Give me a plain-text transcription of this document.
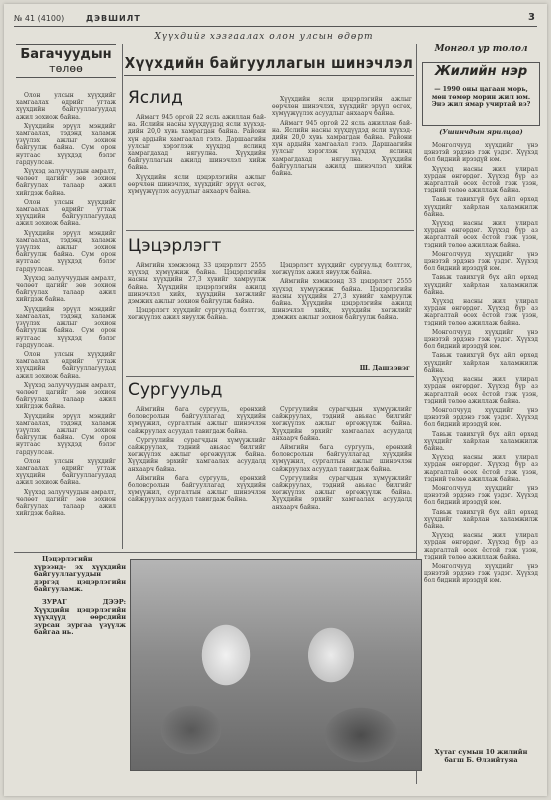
№ 41 (4100)	ДЭВШИЛТ	3
Хүүхдийг хэзгаалах олон улсын өдөрт
Хүүхдийн байгууллагын шинэчлэл
Багачуудын
төлөө

Олон улсын хүүхдийг хамгаалах өдрийг угтаж хүүхдийн байгууллагуудад ажил зохиож байна.

Хүүхдийн эрүүл мэндийг хамгаалах, тэдэнд халамж үзүүлэх ажлыг зохион байгуулж байна. Сум орон нутгаас хүүхдэд бэлэг гардуулсан.

Хүүхэд залуучуудын амралт, чөлөөт цагийг зөв зохион байгуулах талаар ажил хийгдэж байна.

Олон улсын хүүхдийг хамгаалах өдрийг угтаж хүүхдийн байгууллагуудад ажил зохиож байна.

Хүүхдийн эрүүл мэндийг хамгаалах, тэдэнд халамж үзүүлэх ажлыг зохион байгуулж байна. Сум орон нутгаас хүүхдэд бэлэг гардуулсан.

Хүүхэд залуучуудын амралт, чөлөөт цагийг зөв зохион байгуулах талаар ажил хийгдэж байна.

Хүүхдийн эрүүл мэндийг хамгаалах, тэдэнд халамж үзүүлэх ажлыг зохион байгуулж байна. Сум орон нутгаас хүүхдэд бэлэг гардуулсан.

Олон улсын хүүхдийг хамгаалах өдрийг угтаж хүүхдийн байгууллагуудад ажил зохиож байна.

Хүүхэд залуучуудын амралт, чөлөөт цагийг зөв зохион байгуулах талаар ажил хийгдэж байна.

Хүүхдийн эрүүл мэндийг хамгаалах, тэдэнд халамж үзүүлэх ажлыг зохион байгуулж байна. Сум орон нутгаас хүүхдэд бэлэг гардуулсан.

Олон улсын хүүхдийг хамгаалах өдрийг угтаж хүүхдийн байгууллагуудад ажил зохиож байна.

Хүүхэд залуучуудын амралт, чөлөөт цагийг зөв зохион байгуулах талаар ажил хийгдэж байна.

Яслид

Аймагт 945 оргой 22 ясль ажиллан бай- на. Яслийн насны хүүхдүүдэд ясли хүүхэд- дийн 20,0 хувь хамрагдан байна. Райони хүн ардыйн хамгаалал гэлэ. Даршаагийн уулсыг хэрэглэж хүүхдэд яслинд хамрагдахад нягуулна. Хүүхдийн байгууллагын ажилд шинэчлэл хийж байна.

Хүүхдийн ясли цэцэрлэгийн ажлыг өөрчлөн шинэчлэх, хүүхдийг эрүүл өсгөх, хүмүүжүүлэх асуудлыг анхаарч байна.

Хүүхдийн ясли цэцэрлэгийн ажлыг өөрчлөн шинэчлэх, хүүхдийг эрүүл өсгөх, хүмүүжүүлэх асуудлыг анхаарч байна.

Аймагт 945 оргой 22 ясль ажиллан бай- на. Яслийн насны хүүхдүүдэд ясли хүүхэд- дийн 20,0 хувь хамрагдан байна. Райони хүн ардыйн хамгаалал гэлэ. Даршаагийн уулсыг хэрэглэж хүүхдэд яслинд хамрагдахад нягуулна. Хүүхдийн байгууллагын ажилд шинэчлэл хийж байна.

Цэцэрлэгт

Аймгийн хэмжээнд 33 цэцэрлэгт 2555 хүүхэд хүмүүжиж байна. Цэцэрлэгийн насны хүүхдийн 27,3 хувийг хамруулж байна. Хүүхдийн цэцэрлэгийн ажилд шинэчлэл хийх, хүүхдийн хөгжлийг дэмжих ажлыг зохион байгуулж байна.

Цэцэрлэгт хүүхдийг сургуульд бэлтгэх, хөгжүүлэх ажил явуулж байна.

Цэцэрлэгт хүүхдийг сургуульд бэлтгэх, хөгжүүлэх ажил явуулж байна.

Аймгийн хэмжээнд 33 цэцэрлэгт 2555 хүүхэд хүмүүжиж байна. Цэцэрлэгийн насны хүүхдийн 27,3 хувийг хамруулж байна. Хүүхдийн цэцэрлэгийн ажилд шинэчлэл хийх, хүүхдийн хөгжлийг дэмжих ажлыг зохион байгуулж байна.

Ш. Дашзэвэг
Сургуульд

Аймгийн бага сургууль, ерөнхий боловсролын байгууллагад хүүхдийн хүмүүжил, сургалтын ажлыг шинэчлэн сайжруулах асуудал тавигдаж байна.

Сургуулийн сурагчдын хүмүүжлийг сайжруулах, тэдний авьяас билгийг хөгжүүлэх ажлыг өргөжүүлж байна. Хүүхдийн эрхийг хамгаалах асуудалд анхаарч байна.

Аймгийн бага сургууль, ерөнхий боловсролын байгууллагад хүүхдийн хүмүүжил, сургалтын ажлыг шинэчлэн сайжруулах асуудал тавигдаж байна.

Сургуулийн сурагчдын хүмүүжлийг сайжруулах, тэдний авьяас билгийг хөгжүүлэх ажлыг өргөжүүлж байна. Хүүхдийн эрхийг хамгаалах асуудалд анхаарч байна.

Аймгийн бага сургууль, ерөнхий боловсролын байгууллагад хүүхдийн хүмүүжил, сургалтын ажлыг шинэчлэн сайжруулах асуудал тавигдаж байна.

Сургуулийн сурагчдын хүмүүжлийг сайжруулах, тэдний авьяас билгийг хөгжүүлэх ажлыг өргөжүүлж байна. Хүүхдийн эрхийг хамгаалах асуудалд анхаарч байна.

Монгол ур толол
Жилийн нэр
— 1990 оны цагаан морь, мөн төмөр морин жил юм. Энэ жил ямар учиртай вэ?
(Ушинчдын ярилцаа)

Монголчууд хүүхдийг үнэ цэнэтэй эрдэнэ гэж үздэг. Хүүхэд бол бидний ирээдүй юм.

Хүүхэд насны жил улирал хурдан өнгөрдөг. Хүүхэд бүр аз жаргалтай өсөх ёстой гэж үзэн, тэдний төлөө ажиллаж байна.

Тавьж тавихгүй бүх айл өрхөд хүүхдийг хайрлан халамжилж байна.

Хүүхэд насны жил улирал хурдан өнгөрдөг. Хүүхэд бүр аз жаргалтай өсөх ёстой гэж үзэн, тэдний төлөө ажиллаж байна.

Монголчууд хүүхдийг үнэ цэнэтэй эрдэнэ гэж үздэг. Хүүхэд бол бидний ирээдүй юм.

Тавьж тавихгүй бүх айл өрхөд хүүхдийг хайрлан халамжилж байна.

Хүүхэд насны жил улирал хурдан өнгөрдөг. Хүүхэд бүр аз жаргалтай өсөх ёстой гэж үзэн, тэдний төлөө ажиллаж байна.

Монголчууд хүүхдийг үнэ цэнэтэй эрдэнэ гэж үздэг. Хүүхэд бол бидний ирээдүй юм.

Тавьж тавихгүй бүх айл өрхөд хүүхдийг хайрлан халамжилж байна.

Хүүхэд насны жил улирал хурдан өнгөрдөг. Хүүхэд бүр аз жаргалтай өсөх ёстой гэж үзэн, тэдний төлөө ажиллаж байна.

Монголчууд хүүхдийг үнэ цэнэтэй эрдэнэ гэж үздэг. Хүүхэд бол бидний ирээдүй юм.

Тавьж тавихгүй бүх айл өрхөд хүүхдийг хайрлан халамжилж байна.

Хүүхэд насны жил улирал хурдан өнгөрдөг. Хүүхэд бүр аз жаргалтай өсөх ёстой гэж үзэн, тэдний төлөө ажиллаж байна.

Монголчууд хүүхдийг үнэ цэнэтэй эрдэнэ гэж үздэг. Хүүхэд бол бидний ирээдүй юм.

Тавьж тавихгүй бүх айл өрхөд хүүхдийг хайрлан халамжилж байна.

Хүүхэд насны жил улирал хурдан өнгөрдөг. Хүүхэд бүр аз жаргалтай өсөх ёстой гэж үзэн, тэдний төлөө ажиллаж байна.

Монголчууд хүүхдийг үнэ цэнэтэй эрдэнэ гэж үздэг. Хүүхэд бол бидний ирээдүй юм.

Хутаг сумын 10 жилийн багш Б. Өлзийтуяа

Цэцэрлэгийн хүрээнд- эх хүүхдийн байгууллагуудын дэргэд цэцэрлэгийн байгууламж.

ЗУРАГ ДЭЭР: Хүүхдийн цэцэрлэгийн хүүхдүүд өөрсдийн зурсан зургаа үзүүлж байгаа нь.
